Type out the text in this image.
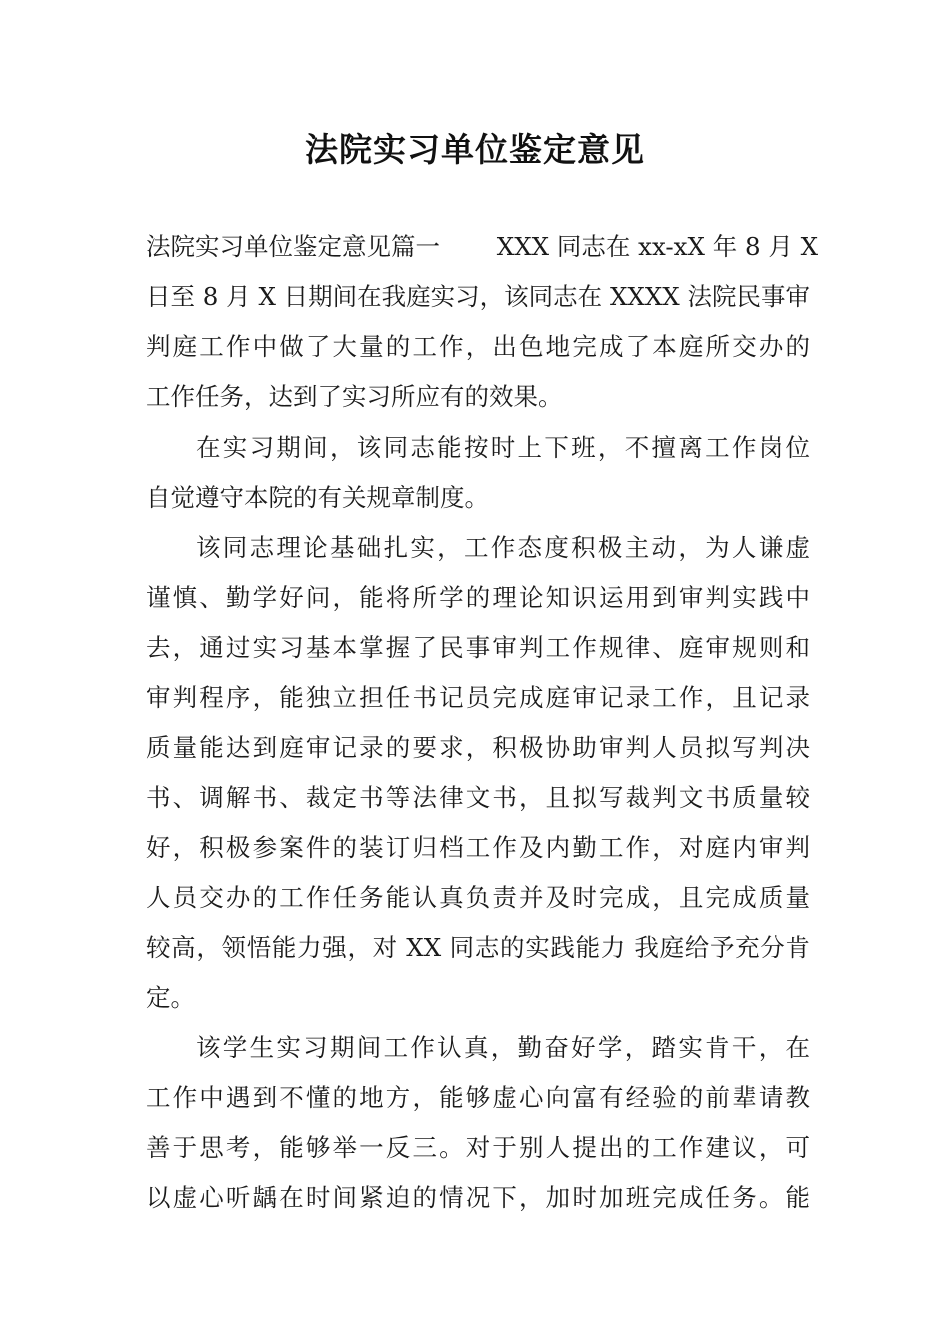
法院实习单位鉴定意见
法院实习单位鉴定意见篇一　　 XXX 同志在 xx-xX 年 8 月 X
日至 8 月 X 日期间在我庭实习，该同志在 XXXX 法院民事审
判庭工作中做了大量的工作，出色地完成了本庭所交办的
工作任务，达到了实习所应有的效果。
在实习期间，该同志能按时上下班，不擅离工作岗位
自觉遵守本院的有关规章制度。
该同志理论基础扎实，工作态度积极主动，为人谦虚
谨慎、勤学好问，能将所学的理论知识运用到审判实践中
去，通过实习基本掌握了民事审判工作规律、庭审规则和
审判程序，能独立担任书记员完成庭审记录工作，且记录
质量能达到庭审记录的要求，积极协助审判人员拟写判决
书、调解书、裁定书等法律文书，且拟写裁判文书质量较
好，积极参案件的装订归档工作及内勤工作，对庭内审判
人员交办的工作任务能认真负责并及时完成，且完成质量
较高，领悟能力强，对 XX 同志的实践能力 我庭给予充分肯
定。
该学生实习期间工作认真，勤奋好学，踏实肯干，在
工作中遇到不懂的地方，能够虚心向富有经验的前辈请教
善于思考，能够举一反三。对于别人提出的工作建议，可
以虚心听龋在时间紧迫的情况下，加时加班完成任务。能
